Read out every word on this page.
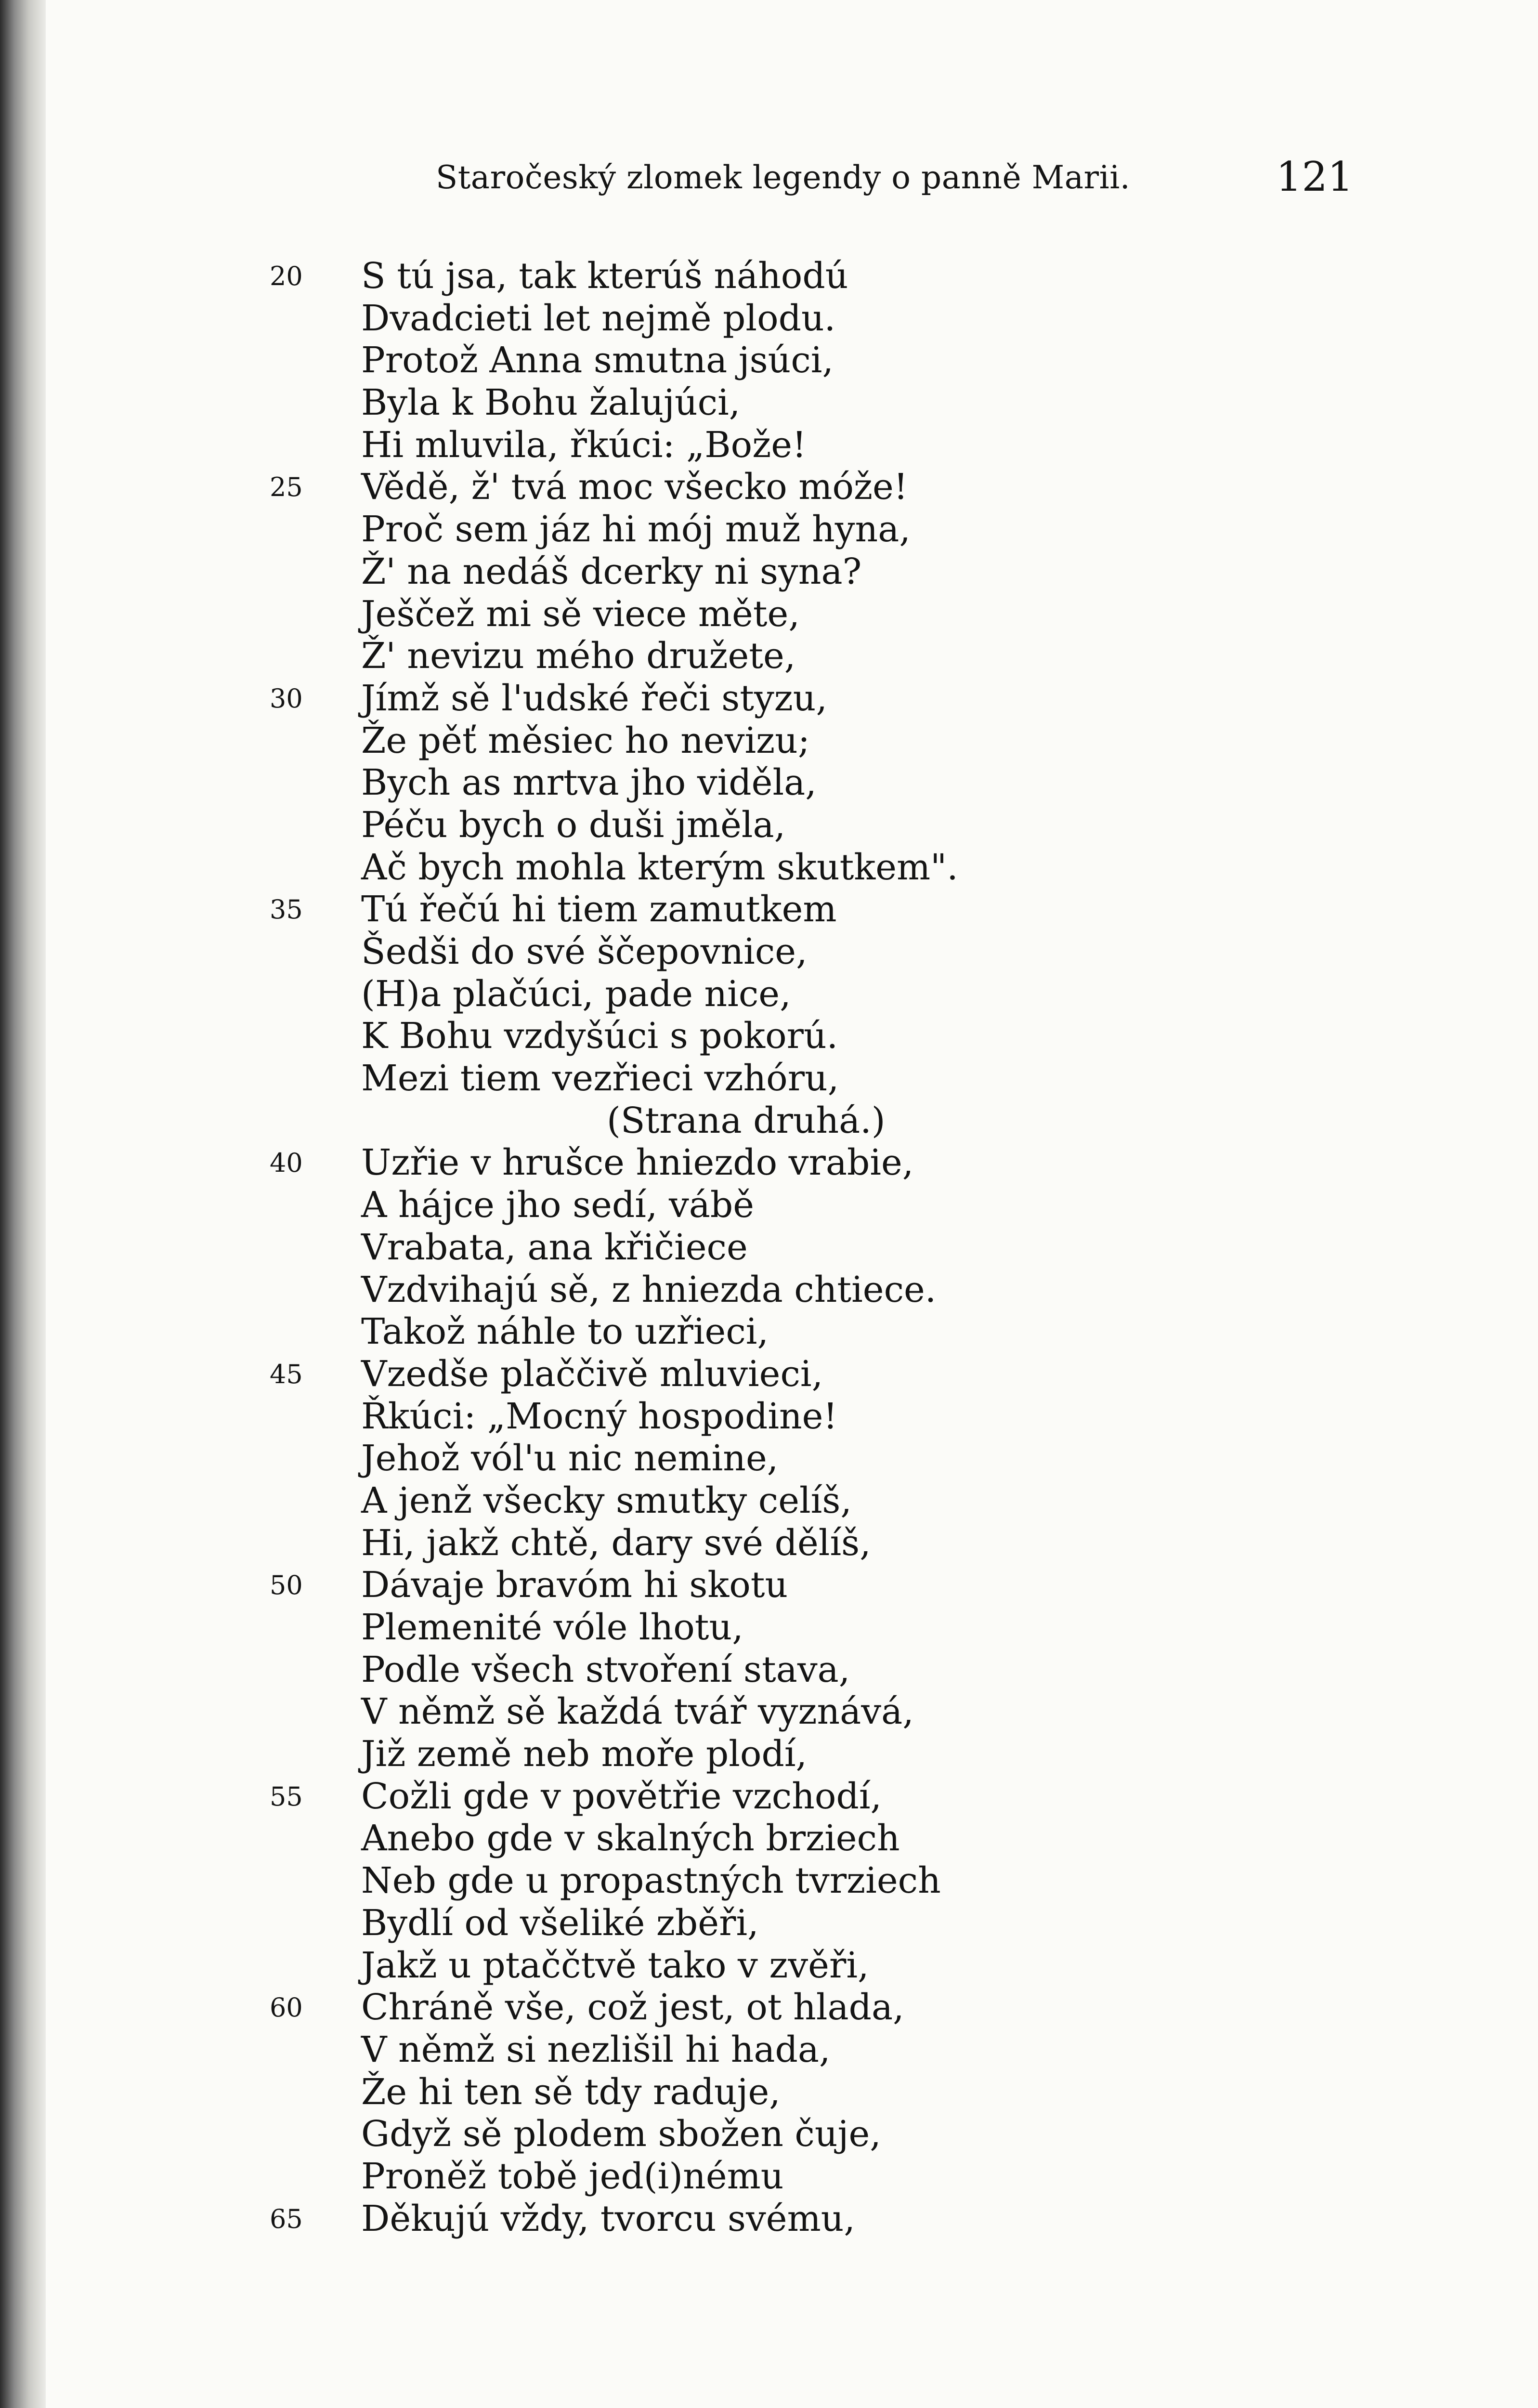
Staročeský zlomek legendy o panně Marii.	121
20	S tú jsa, tak kterúš náhodú
Dvadcieti let nejmě plodu.
Protož Anna smutna jsúci,
Byla k Bohu žalujúci,
Hi mluvila, řkúci: „Bože!
25	Vědě, ž' tvá moc všecko móže!
Proč sem jáz hi mój muž hyna,
Ž' na nedáš dcerky ni syna?
Ješčež mi sě viece měte,
Ž' nevizu mého družete,
30	Jímž sě l'udské řeči styzu,
Že pěť měsiec ho nevizu;
Bych as mrtva jho viděla,
Péču bych o duši jměla,
Ač bych mohla kterým skutkem".
35	Tú řečú hi tiem zamutkem
Šedši do své ščepovnice,
(H)a plačúci, pade nice,
K Bohu vzdyšúci s pokorú.
Mezi tiem vezřieci vzhóru,
(Strana druhá.)
40	Uzřie v hrušce hniezdo vrabie,
A hájce jho sedí, vábě
Vrabata, ana křičiece
Vzdvihajú sě, z hniezda chtiece.
Takož náhle to uzřieci,
45	Vzedše plaččivě mluvieci,
Řkúci: „Mocný hospodine!
Jehož vól'u nic nemine,
A jenž všecky smutky celíš,
Hi, jakž chtě, dary své dělíš,
50	Dávaje bravóm hi skotu
Plemenité vóle lhotu,
Podle všech stvoření stava,
V němž sě každá tvář vyznává,
Již země neb moře plodí,
55	Cožli gde v povětřie vzchodí,
Anebo gde v skalných brziech
Neb gde u propastných tvrziech
Bydlí od všeliké zběři,
Jakž u ptaččtvě tako v zvěři,
60	Chráně vše, což jest, ot hlada,
V němž si nezlišil hi hada,
Že hi ten sě tdy raduje,
Gdyž sě plodem sbožen čuje,
Proněž tobě jed(i)nému
65	Děkujú vždy, tvorcu svému,
